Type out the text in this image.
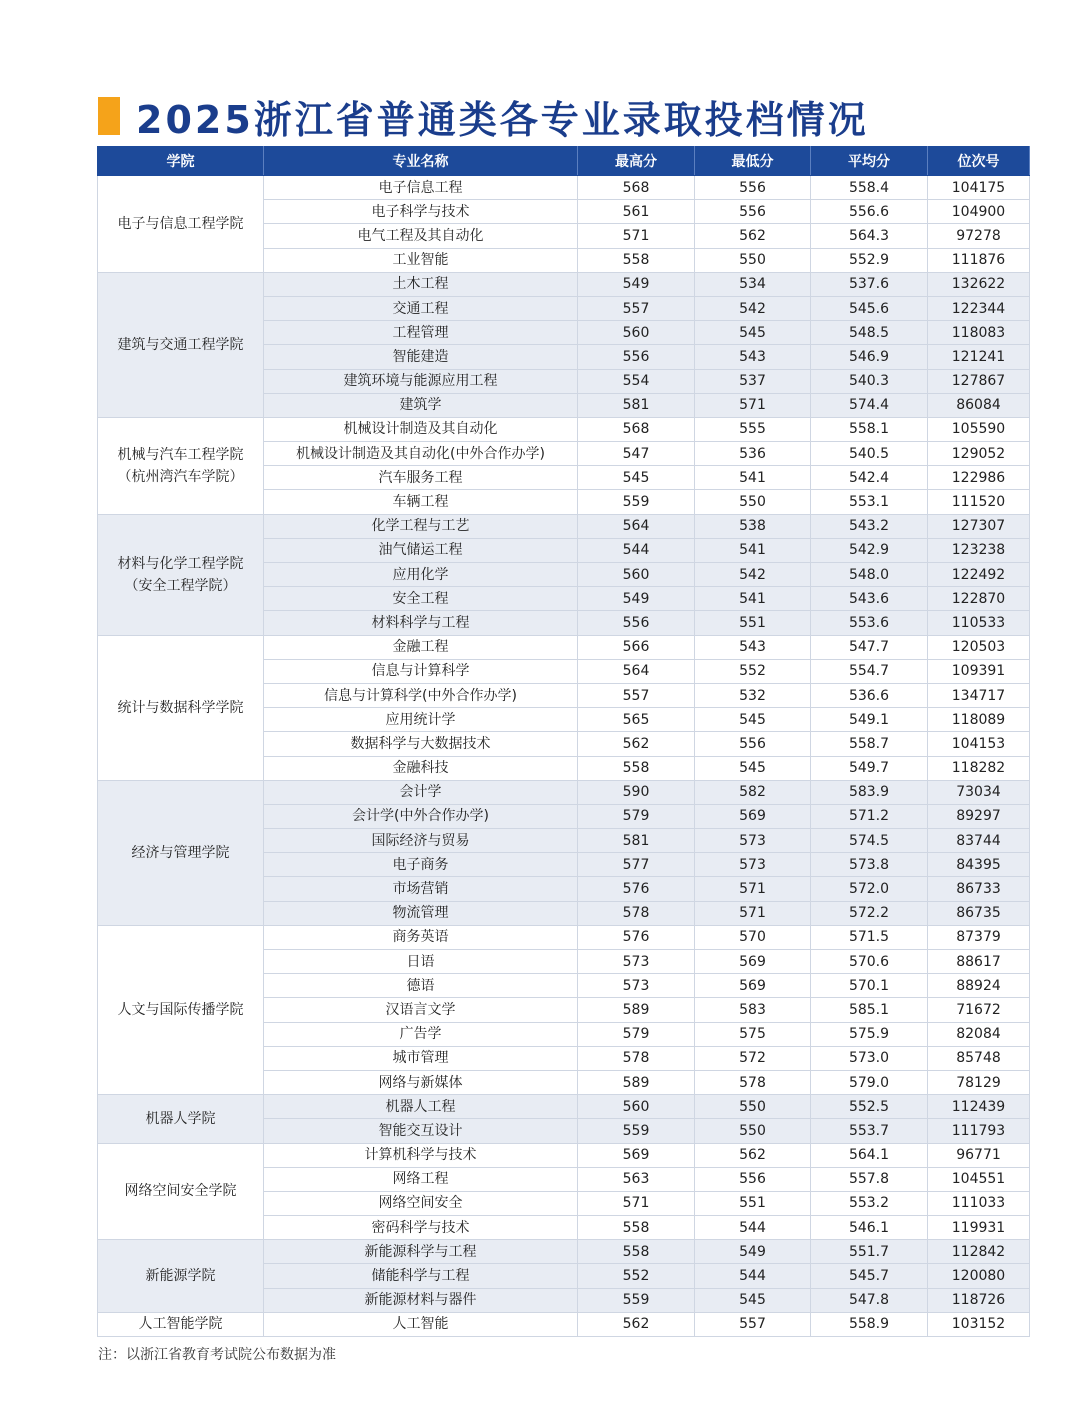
2025浙江省普通类各专业录取投档情况
学院	专业名称	最高分	最低分	平均分	位次号

电子与信息工程学院	电子信息工程	568	556	558.4	104175
	电子科学与技术	561	556	556.6	104900
	电气工程及其自动化	571	562	564.3	97278
	工业智能	558	550	552.9	111876

建筑与交通工程学院	土木工程	549	534	537.6	132622
	交通工程	557	542	545.6	122344
	工程管理	560	545	548.5	118083
	智能建造	556	543	546.9	121241
	建筑环境与能源应用工程	554	537	540.3	127867
	建筑学	581	571	574.4	86084

机械与汽车工程学院
（杭州湾汽车学院）	机械设计制造及其自动化	568	555	558.1	105590
	机械设计制造及其自动化(中外合作办学)	547	536	540.5	129052
	汽车服务工程	545	541	542.4	122986
	车辆工程	559	550	553.1	111520

材料与化学工程学院
（安全工程学院）	化学工程与工艺	564	538	543.2	127307
	油气储运工程	544	541	542.9	123238
	应用化学	560	542	548.0	122492
	安全工程	549	541	543.6	122870
	材料科学与工程	556	551	553.6	110533

统计与数据科学学院	金融工程	566	543	547.7	120503
	信息与计算科学	564	552	554.7	109391
	信息与计算科学(中外合作办学)	557	532	536.6	134717
	应用统计学	565	545	549.1	118089
	数据科学与大数据技术	562	556	558.7	104153
	金融科技	558	545	549.7	118282

经济与管理学院	会计学	590	582	583.9	73034
	会计学(中外合作办学)	579	569	571.2	89297
	国际经济与贸易	581	573	574.5	83744
	电子商务	577	573	573.8	84395
	市场营销	576	571	572.0	86733
	物流管理	578	571	572.2	86735

人文与国际传播学院	商务英语	576	570	571.5	87379
	日语	573	569	570.6	88617
	德语	573	569	570.1	88924
	汉语言文学	589	583	585.1	71672
	广告学	579	575	575.9	82084
	城市管理	578	572	573.0	85748
	网络与新媒体	589	578	579.0	78129

机器人学院	机器人工程	560	550	552.5	112439
	智能交互设计	559	550	553.7	111793

网络空间安全学院	计算机科学与技术	569	562	564.1	96771
	网络工程	563	556	557.8	104551
	网络空间安全	571	551	553.2	111033
	密码科学与技术	558	544	546.1	119931

新能源学院	新能源科学与工程	558	549	551.7	112842
	储能科学与工程	552	544	545.7	120080
	新能源材料与器件	559	545	547.8	118726

人工智能学院	人工智能	562	557	558.9	103152
注：以浙江省教育考试院公布数据为准
